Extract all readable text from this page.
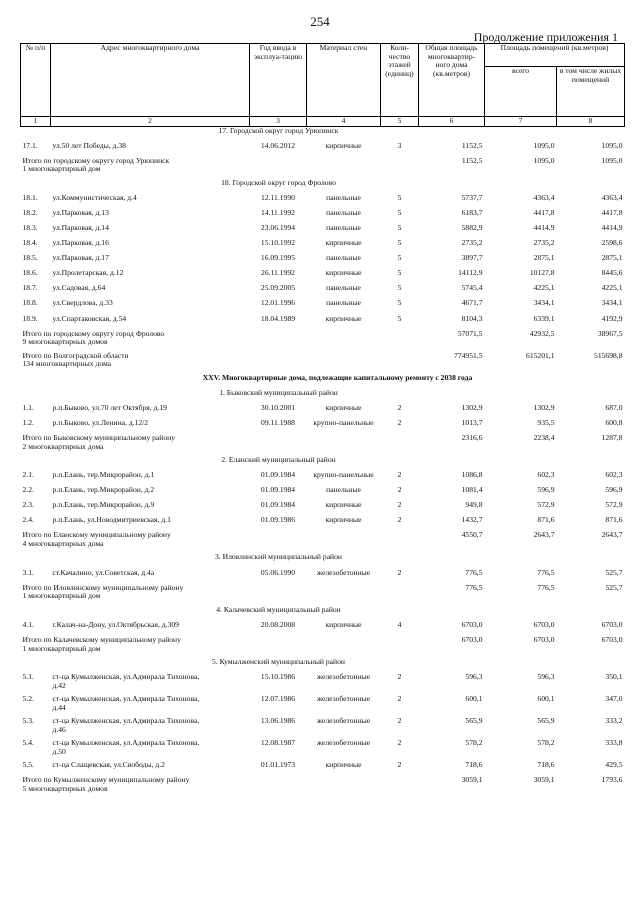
254
Продолжение приложения 1
№ п/п	Адрес многоквартирного дома	Год ввода в эксплуа-тацию	Материал стен	Коли-чество этажей (единиц)	Общая площадь многоквартир-ного дома (кв.метров)	Площадь помещений (кв.метров)	
						всего	в том числе жилых помещений
1	2	3	4	5	6	7	8
	17. Городской округ город Урюпинск						
17.1.	ул.50 лет Победы, д.38	14.06.2012	кирпичные	3	1152,5	1095,0	1095,0

Итого по городскому округу город Урюпинск
1 многоквартирный дом					1152,5	1095,0	1095,0
	18. Городской округ город Фролово						
18.1.	ул.Коммунистическая, д.4	12.11.1990	панельные	5	5737,7	4363,4	4363,4
18.2.	ул.Парковая, д.13	14.11.1992	панельные	5	6183,7	4417,8	4417,8
18.3.	ул.Парковая, д.14	23.06.1994	панельные	5	5882,9	4414,9	4414,9
18.4.	ул.Парковая, д.16	15.10.1992	кирпичные	5	2735,2	2735,2	2598,6
18.5.	ул.Парковая, д.17	16.09.1995	панельные	5	3897,7	2875,1	2875,1
18.6.	ул.Пролетарская, д.12	26.11.1992	кирпичные	5	14112,9	10127,8	8445,6
18.7.	ул.Садовая, д.64	25.09.2005	панельные	5	5745,4	4225,1	4225,1
18.8.	ул.Свердлова, д.33	12.01.1996	панельные	5	4671,7	3434,1	3434,1
18.9.	ул.Спартаковская, д.54	18.04.1989	кирпичные	5	8104,3	6339,1	4192,9

Итого по городскому округу город Фролово
9 многоквартирных домов					57071,5	42932,5	38967,5

Итого по Волгоградской области
134 многоквартирных дома					774951,5	615201,1	515698,8
	XXV. Многоквартирные дома, подлежащие капитальному ремонту с 2038 года						
	1. Быковский муниципальный район						
1.1.	р.п.Быково, ул.70 лет Октября, д.19	30.10.2001	кирпичные	2	1302,9	1302,9	687,0
1.2.	р.п.Быково, ул.Ленина, д.12/2	09.11.1988	крупно-панельные	2	1013,7	935,5	600,8

Итого по Быковскому муниципальному району
2 многоквартирных дома					2316,6	2238,4	1287,8
	2. Еланский муниципальный район						
2.1.	р.п.Елань, тер.Микрорайон, д.1	01.09.1984	крупно-панельные	2	1086,8	602,3	602,3
2.2.	р.п.Елань, тер.Микрорайон, д.2	01.09.1984	панельные	2	1081,4	596,9	596,9
2.3.	р.п.Елань, тер.Микрорайон, д.9	01.09.1984	кирпичные	2	949,8	572,9	572,9
2.4.	р.п.Елань, ул.Новодмитриевская, д.1	01.09.1986	кирпичные	2	1432,7	871,6	871,6

Итого по Еланскому муниципальному району
4 многоквартирных дома					4550,7	2643,7	2643,7
	3. Иловлинский муниципальный район						
3.1.	ст.Качалино, ул.Советская, д.4а	05.06.1990	железобетонные	2	776,5	776,5	525,7

Итого по Иловлинскому муниципальному району
1 многоквартирный дом					776,5	776,5	525,7
	4. Калачевский муниципальный район						
4.1.	г.Калач-на-Дону, ул.Октябрьская, д.309	20.08.2008	кирпичные	4	6703,0	6703,0	6703,0

Итого по Калачевскому муниципальному району
1 многоквартирный дом					6703,0	6703,0	6703,0
	5. Кумылженский муниципальный район						
5.1.	ст-ца Кумылженская, ул.Адмирала Тихонова,
д.42	15.10.1986	железобетонные	2	596,3	596,3	350,1
5.2.	ст-ца Кумылженская, ул.Адмирала Тихонова,
д.44	12.07.1986	железобетонные	2	600,1	600,1	347,0
5.3.	ст-ца Кумылженская, ул.Адмирала Тихонова,
д.46	13.06.1986	железобетонные	2	565,9	565,9	333,2
5.4.	ст-ца Кумылженская, ул.Адмирала Тихонова,
д.50	12.08.1987	железобетонные	2	578,2	578,2	333,8
5.5.	ст-ца Слащевская, ул.Свободы, д.2	01.01.1973	кирпичные	2	718,6	718,6	429,5

Итого по Кумылженскому муниципальному району
5 многоквартирных домов					3059,1	3059,1	1793,6
